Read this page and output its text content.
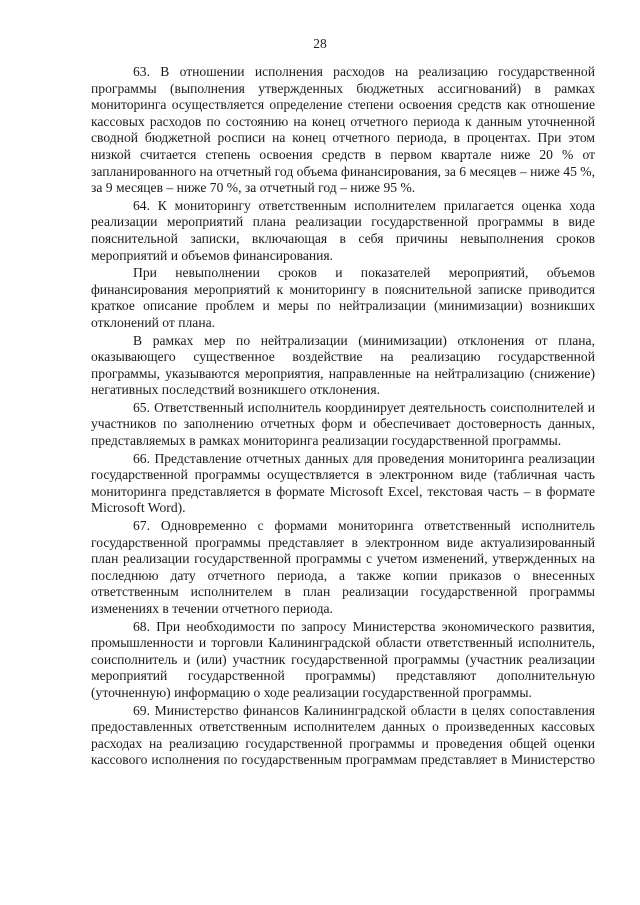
28

63. В отношении исполнения расходов на реализацию государственной программы (выполнения утвержденных бюджетных ассигнований) в рамках мониторинга осуществляется определение степени освоения средств как отношение кассовых расходов по состоянию на конец отчетного периода к данным уточненной сводной бюджетной росписи на конец отчетного периода, в процентах. При этом низкой считается степень освоения средств в первом квартале ниже 20 % от запланированного на отчетный год объема финансирования, за 6 месяцев – ниже 45 %, за 9 месяцев – ниже 70 %, за отчетный год – ниже 95 %.

64. К мониторингу ответственным исполнителем прилагается оценка хода реализации мероприятий плана реализации государственной программы в виде пояснительной записки, включающая в себя причины невыполнения сроков мероприятий и объемов финансирования.

При невыполнении сроков и показателей мероприятий, объемов финансирования мероприятий к мониторингу в пояснительной записке приводится краткое описание проблем и меры по нейтрализации (минимизации) возникших отклонений от плана.

В рамках мер по нейтрализации (минимизации) отклонения от плана, оказывающего существенное воздействие на реализацию государственной программы, указываются мероприятия, направленные на нейтрализацию (снижение) негативных последствий возникшего отклонения.

65. Ответственный исполнитель координирует деятельность соисполнителей и участников по заполнению отчетных форм и обеспечивает достоверность данных, представляемых в рамках мониторинга реализации государственной программы.

66. Представление отчетных данных для проведения мониторинга реализации государственной программы осуществляется в электронном виде (табличная часть мониторинга представляется в формате Microsoft Excel, текстовая часть – в формате Microsoft Word).

67. Одновременно с формами мониторинга ответственный исполнитель государственной программы представляет в электронном виде актуализированный план реализации государственной программы с учетом изменений, утвержденных на последнюю дату отчетного периода, а также копии приказов о внесенных ответственным исполнителем в план реализации государственной программы изменениях в течении отчетного периода.

68. При необходимости по запросу Министерства экономического развития, промышленности и торговли Калининградской области ответственный исполнитель, соисполнитель и (или) участник государственной программы (участник реализации мероприятий государственной программы) представляют дополнительную (уточненную) информацию о ходе реализации государственной программы.

69. Министерство финансов Калининградской области в целях сопоставления предоставленных ответственным исполнителем данных о произведенных кассовых расходах на реализацию государственной программы и проведения общей оценки кассового исполнения по государственным программам представляет в Министерство
